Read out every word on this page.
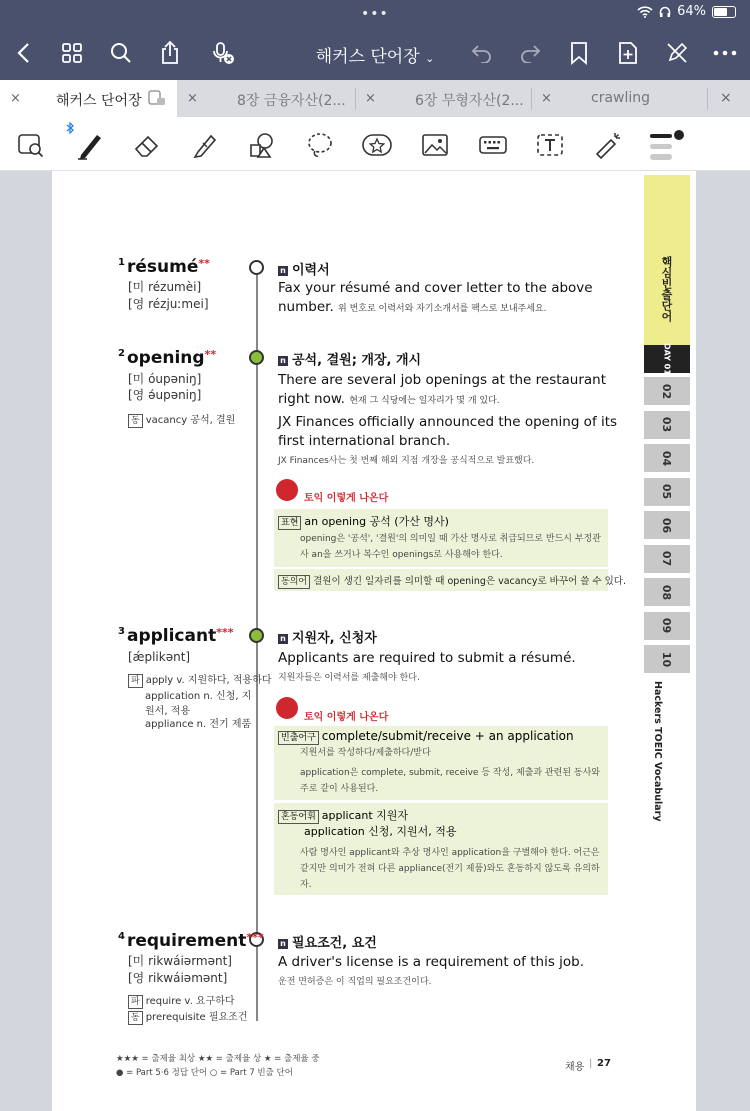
•••	64%
해커스 단어장 ⌄
×	해커스 단어장	×	8장 금융자산(2... ×	6장 무형자산(2... ×	crawling	×
핵심빈출단어
DAY 01
02
03
04
05
06
07
08
09
10
Hackers TOEIC Vocabulary
$^1$ résumé**
[미 rézumèi]
[영 rézjuːmei]
n 이력서
Fax your résumé and cover letter to the above number. 위 번호로 이력서와 자기소개서를 팩스로 보내주세요.
$^2$ opening**
[미 óupəniŋ]
[영 ə́upəniŋ]
동 vacancy 공석, 결원
n 공석, 결원; 개장, 개시
There are several job openings at the restaurant right now. 현재 그 식당에는 일자리가 몇 개 있다.
JX Finances officially announced the opening of its first international branch.
JX Finances사는 첫 번째 해외 지점 개장을 공식적으로 발표했다.
토익 이렇게 나온다
표현 an opening 공석 (가산 명사)
opening은 '공석', '결원'의 의미일 때 가산 명사로 취급되므로 반드시 부정관사 an을 쓰거나 복수인 openings로 사용해야 한다.
동의어 결원이 생긴 일자리를 의미할 때 opening은 vacancy로 바꾸어 쓸 수 있다.
$^3$ applicant***
[ǽplikənt]
파 apply v. 지원하다, 적용하다
application n. 신청, 지원서, 적용
appliance n. 전기 제품
n 지원자, 신청자
Applicants are required to submit a résumé.
지원자들은 이력서를 제출해야 한다.
토익 이렇게 나온다
빈출어구 complete/submit/receive + an application
지원서를 작성하다/제출하다/받다
application은 complete, submit, receive 등 작성, 제출과 관련된 동사와 주로 같이 사용된다.
혼동어휘 applicant 지원자
application 신청, 지원서, 적용
사람 명사인 applicant와 추상 명사인 application을 구별해야 한다. 어근은 같지만 의미가 전혀 다른 appliance(전기 제품)와도 혼동하지 않도록 유의하자.
$^4$ requirement***
[미 rikwáiərmənt]
[영 rikwáiəmənt]
파 require v. 요구하다
동 prerequisite 필요조건
n 필요조건, 요건
A driver's license is a requirement of this job.
운전 면허증은 이 직업의 필요조건이다.
★★★ = 출제율 최상 ★★ = 출제율 상 ★ = 출제율 중
● = Part 5·6 정답 단어 ○ = Part 7 빈출 단어	채용 | 27
